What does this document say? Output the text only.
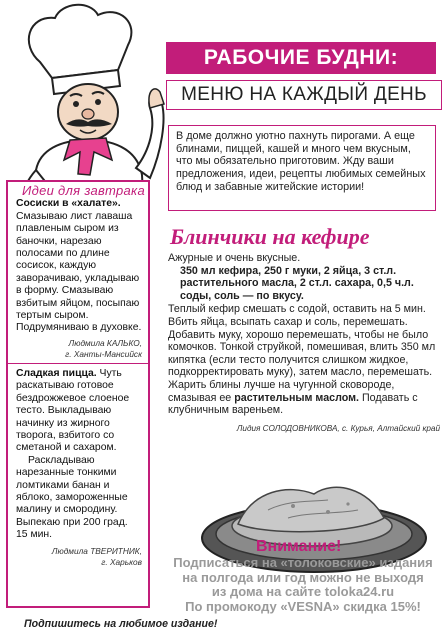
РАБОЧИЕ БУДНИ:
МЕНЮ НА КАЖДЫЙ ДЕНЬ
В доме должно уютно пахнуть пирогами. А еще блинами, пиццей, кашей и много чем вкусным, что мы обязательно приготовим. Жду ваши предложения, идеи, рецепты любимых семейных блюд и забавные житейские истории!
Идеи для завтрака
Сосиски в «халате». Смазываю лист лаваша плавленым сыром из баночки, нарезаю полосами по длине сосисок, каждую заворачиваю, укладываю в форму. Смазываю взбитым яйцом, посыпаю тертым сыром. Подрумяниваю в духовке.
Людмила КАЛЬКО,
г. Ханты-Мансийск
Сладкая пицца. Чуть раскатываю готовое бездрожжевое слоеное тесто. Выкладываю начинку из жирного творога, взбитого со сметаной и сахаром.
Раскладываю нарезанные тонкими ломтиками банан и яблоко, замороженные малину и смородину. Выпекаю при 200 град. 15 мин.
Людмила ТВЕРИТНИК,
г. Харьков
Блинчики на кефире
Ажурные и очень вкусные.
350 мл кефира, 250 г муки, 2 яйца, 3 ст.л. растительного масла, 2 ст.л. сахара, 0,5 ч.л. соды, соль — по вкусу.
Теплый кефир смешать с содой, оставить на 5 мин. Вбить яйца, всыпать сахар и соль, перемешать. Добавить муку, хорошо перемешать, чтобы не было комочков. Тонкой струйкой, помешивая, влить 350 мл кипятка (если тесто получится слишком жидкое, подкорректировать муку), затем масло, перемешать. Жарить блины лучше на чугунной сковороде, смазывая ее растительным маслом. Подавать с клубничным вареньем.
Лидия СОЛОДОВНИКОВА, с. Курья, Алтайский край
Внимание!
Подписаться на «толоковские» издания
на полгода или год можно не выходя
из дома на сайте toloka24.ru
По промокоду «VESNA» скидка 15%!
Подпишитесь на любимое издание!
